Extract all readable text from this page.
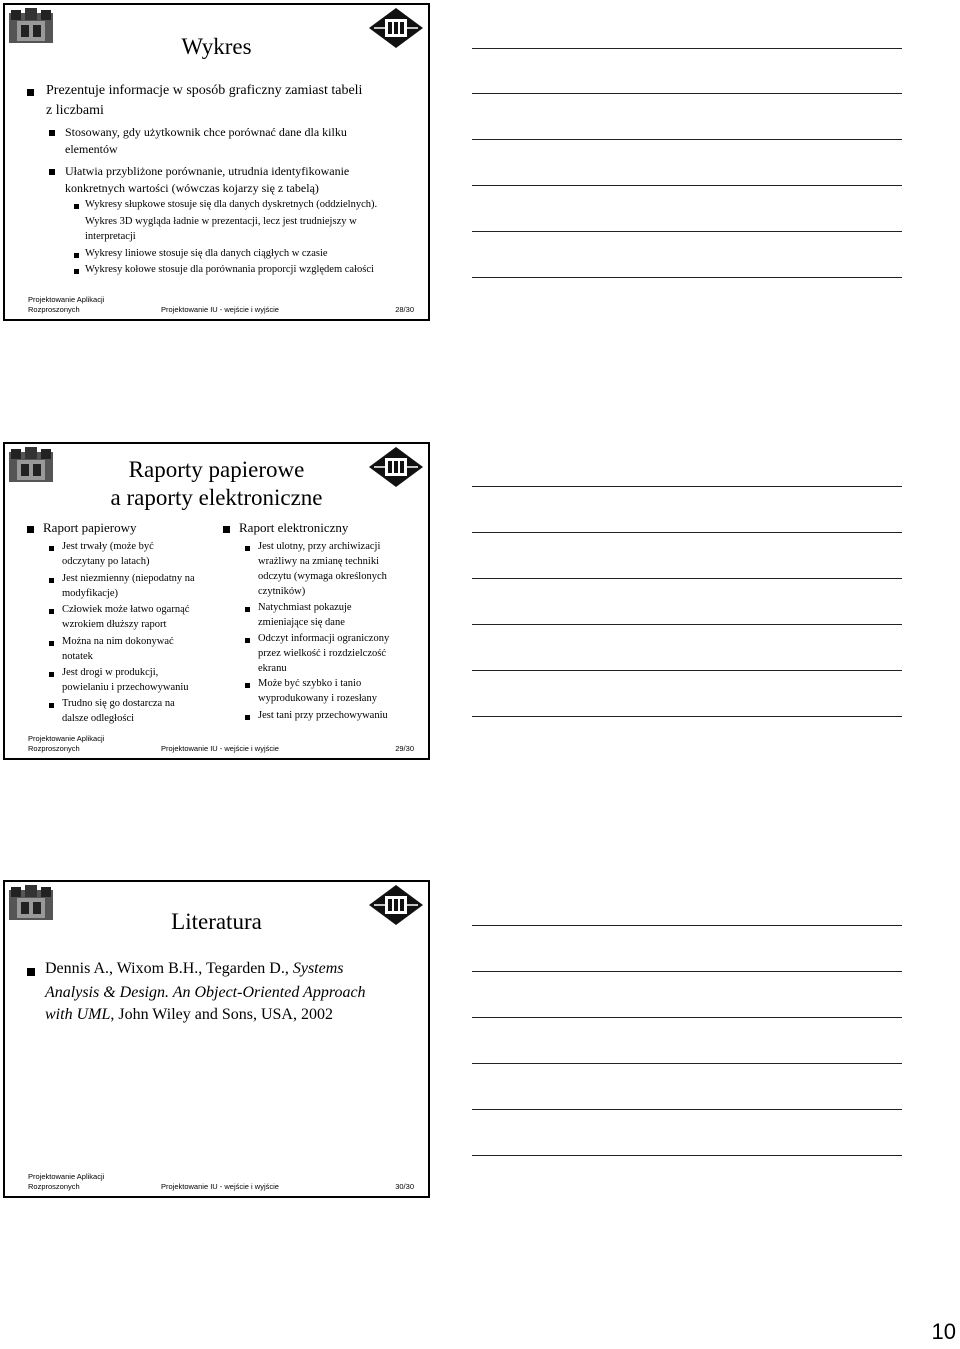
Wykres
Prezentuje informacje w sposób graficzny zamiast tabeli
z liczbami
Stosowany, gdy użytkownik chce porównać dane dla kilku
elementów
Ułatwia przybliżone porównanie, utrudnia identyfikowanie
konkretnych wartości (wówczas kojarzy się z tabelą)
Wykresy słupkowe stosuje się dla danych dyskretnych (oddzielnych).
Wykres 3D wygląda ładnie w prezentacji, lecz jest trudniejszy w
interpretacji
Wykresy liniowe stosuje się dla danych ciągłych w czasie
Wykresy kołowe stosuje dla porównania proporcji względem całości
Projektowanie Aplikacji
Rozproszonych	Projektowanie IU - wejście i wyjście	28/30
Raporty papierowe
a raporty elektroniczne
Raport papierowy
Jest trwały (może być
odczytany po latach)
Jest niezmienny (niepodatny na
modyfikacje)
Człowiek może łatwo ogarnąć
wzrokiem dłuższy raport
Można na nim dokonywać
notatek
Jest drogi w produkcji,
powielaniu i przechowywaniu
Trudno się go dostarcza na
dalsze odległości
Raport elektroniczny
Jest ulotny, przy archiwizacji
wrażliwy na zmianę techniki
odczytu (wymaga określonych
czytników)
Natychmiast pokazuje
zmieniające się dane
Odczyt informacji ograniczony
przez wielkość i rozdzielczość
ekranu
Może być szybko i tanio
wyprodukowany i rozesłany
Jest tani przy przechowywaniu
Projektowanie Aplikacji
Rozproszonych	Projektowanie IU - wejście i wyjście	29/30
Literatura
Dennis A., Wixom B.H., Tegarden D., Systems
Analysis & Design. An Object-Oriented Approach
with UML, John Wiley and Sons, USA, 2002
Projektowanie Aplikacji
Rozproszonych	Projektowanie IU - wejście i wyjście	30/30
10
